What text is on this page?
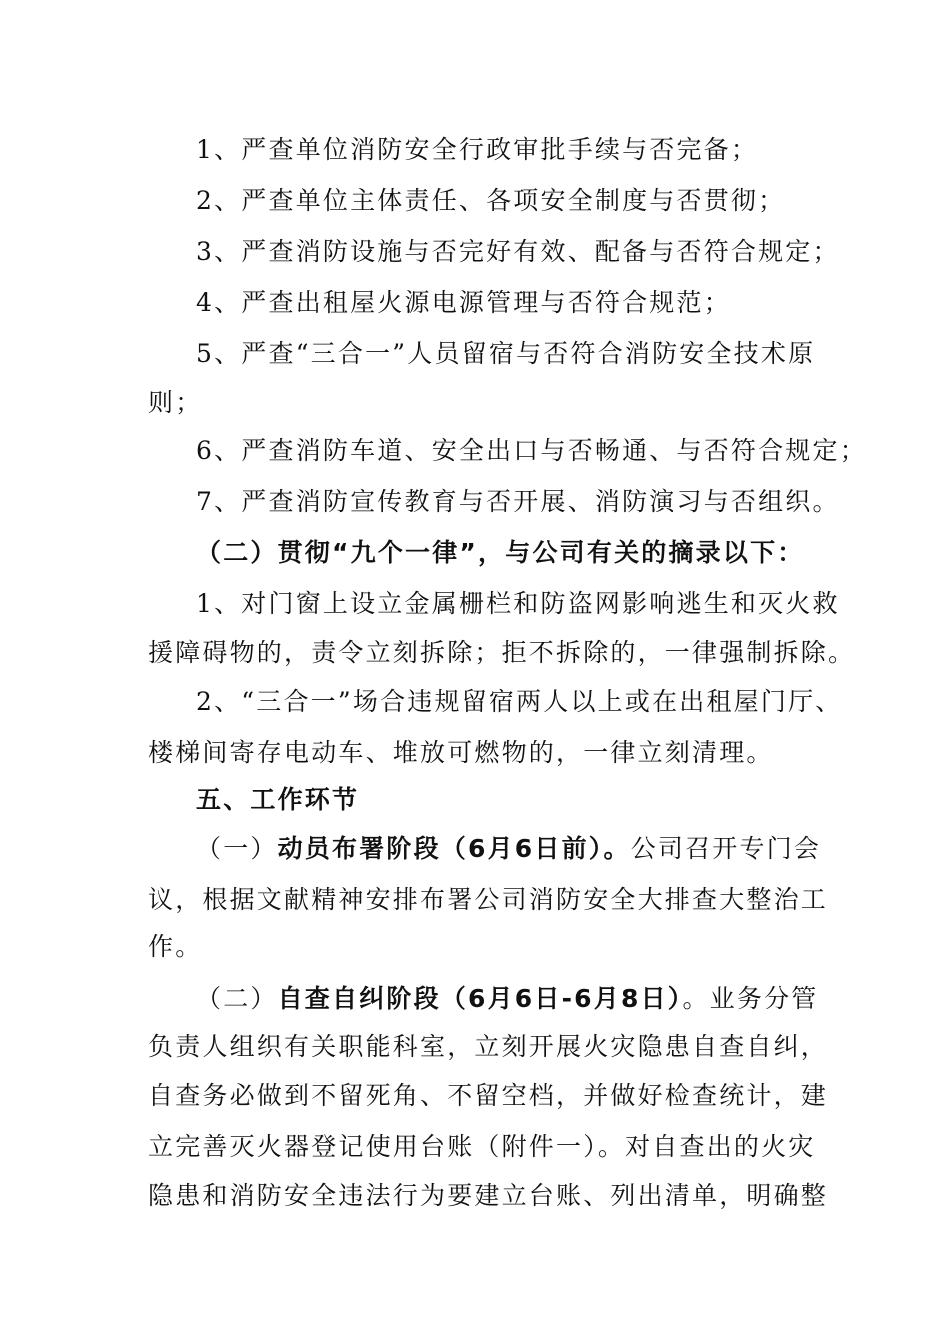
1、严查单位消防安全行政审批手续与否完备；
2、严查单位主体责任、各项安全制度与否贯彻；
3、严查消防设施与否完好有效、配备与否符合规定；
4、严查出租屋火源电源管理与否符合规范；
5、严查“三合一”人员留宿与否符合消防安全技术原
则；
6、严查消防车道、安全出口与否畅通、与否符合规定；
7、严查消防宣传教育与否开展、消防演习与否组织。
（二）贯彻“九个一律”，与公司有关的摘录以下：
1、对门窗上设立金属栅栏和防盗网影响逃生和灭火救
援障碍物的，责令立刻拆除；拒不拆除的，一律强制拆除。
2、“三合一”场合违规留宿两人以上或在出租屋门厅、
楼梯间寄存电动车、堆放可燃物的，一律立刻清理。
五、工作环节
（一）动员布署阶段（6月6日前）。公司召开专门会
议，根据文献精神安排布署公司消防安全大排查大整治工
作。
（二）自查自纠阶段（6月6日-6月8日）。业务分管
负责人组织有关职能科室，立刻开展火灾隐患自查自纠，
自查务必做到不留死角、不留空档，并做好检查统计，建
立完善灭火器登记使用台账（附件一）。对自查出的火灾
隐患和消防安全违法行为要建立台账、列出清单，明确整
